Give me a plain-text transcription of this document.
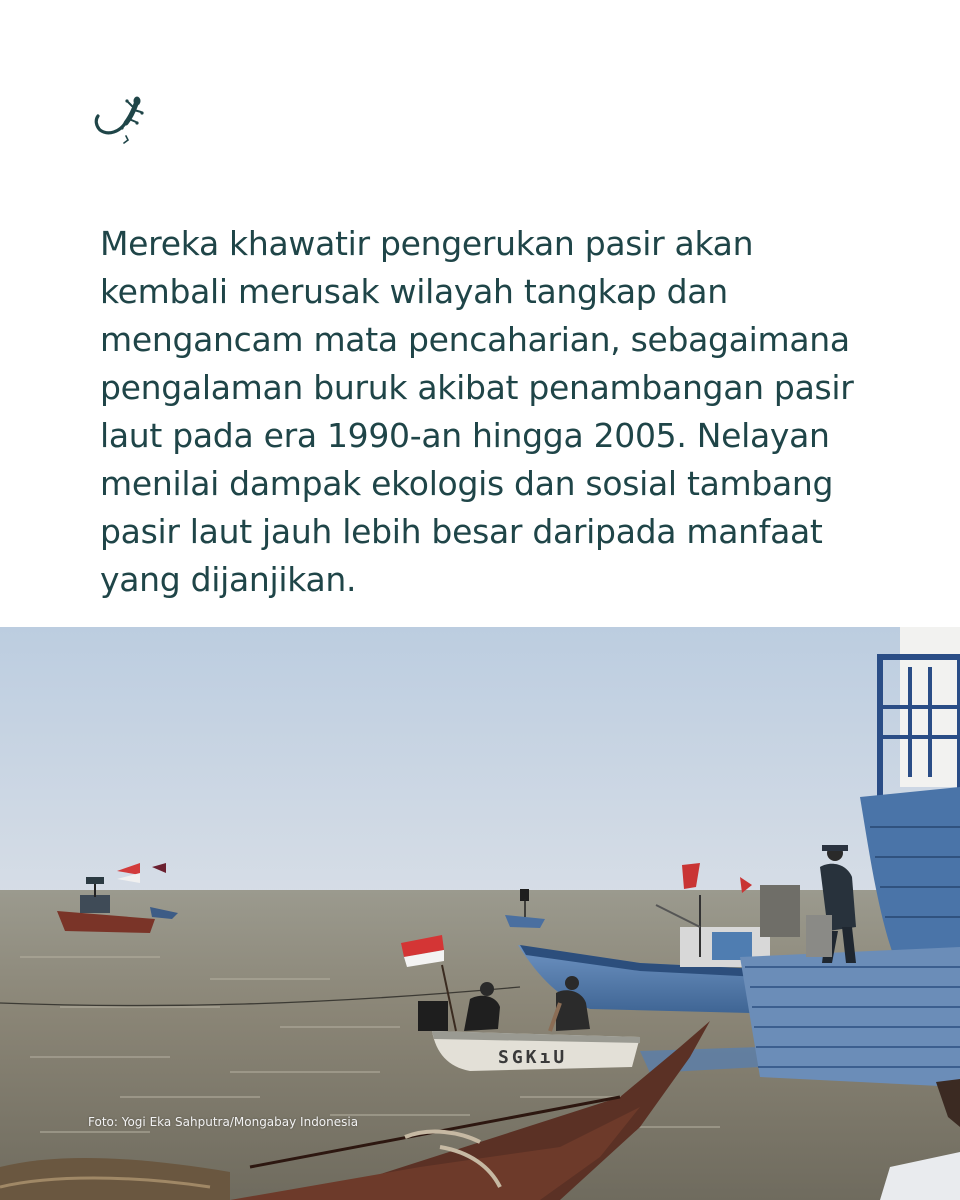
Mereka khawatir pengerukan pasir akan kembali merusak wilayah tangkap dan mengancam mata pencaharian, sebagaimana pengalaman buruk akibat penambangan pasir laut pada era 1990-an hingga 2005. Nelayan menilai dampak ekologis dan sosial tambang pasir laut jauh lebih besar daripada manfaat yang dijanjikan.

SGKıU
Foto: Yogi Eka Sahputra/Mongabay Indonesia
